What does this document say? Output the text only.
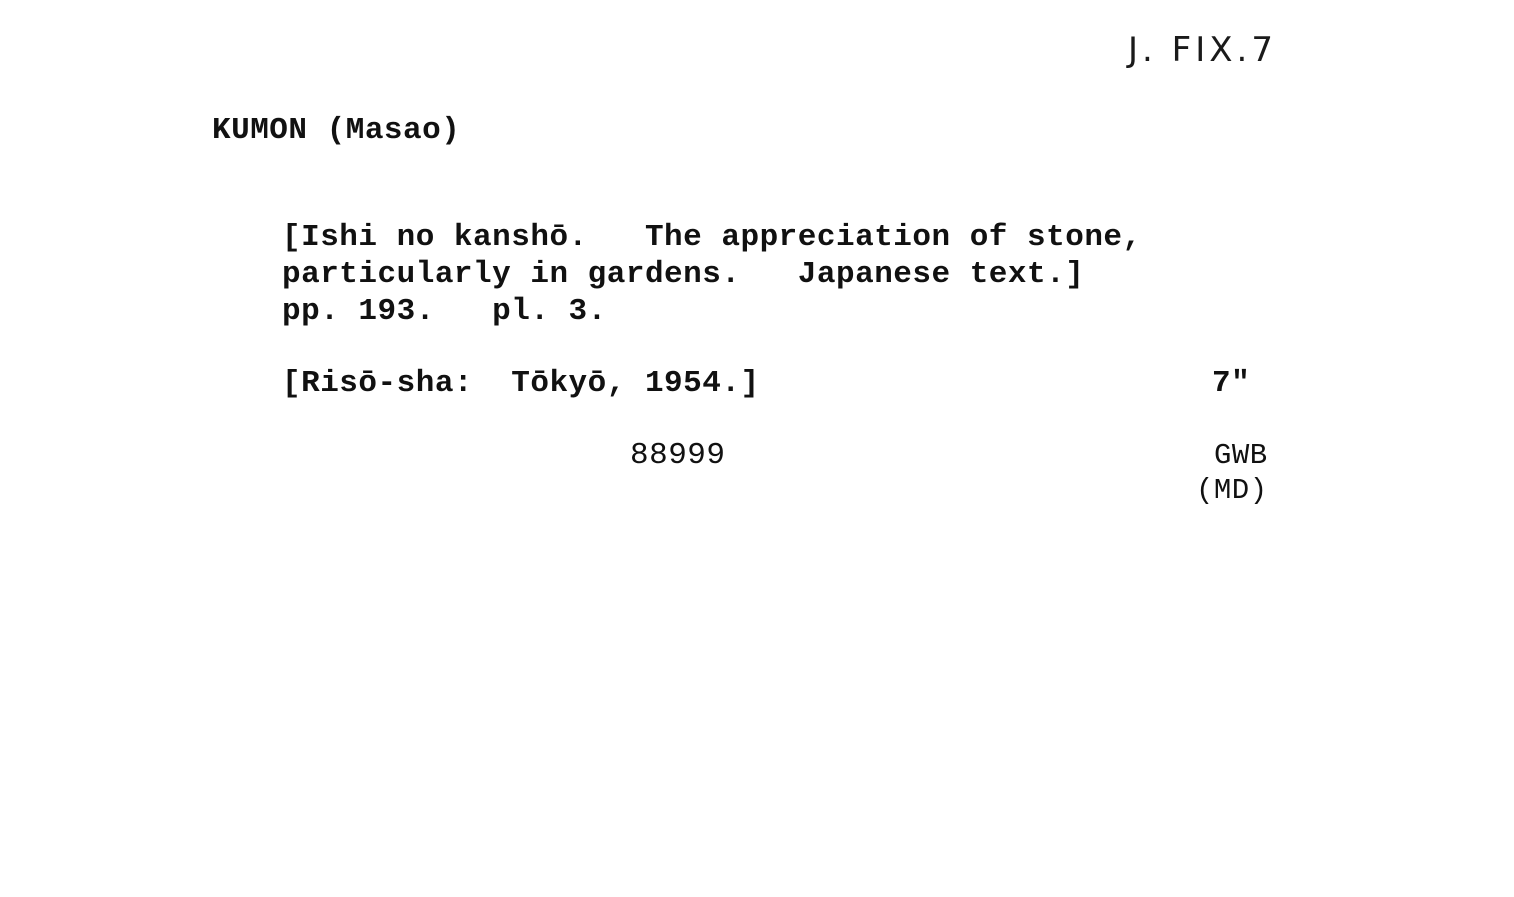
J. FIX.7
KUMON (Masao)
[Ishi no kanshō.   The appreciation of stone,
particularly in gardens.   Japanese text.]
pp. 193.   pl. 3.
[Risō-sha:  Tōkyō, 1954.]	7"
88999	GWB
(MD)
